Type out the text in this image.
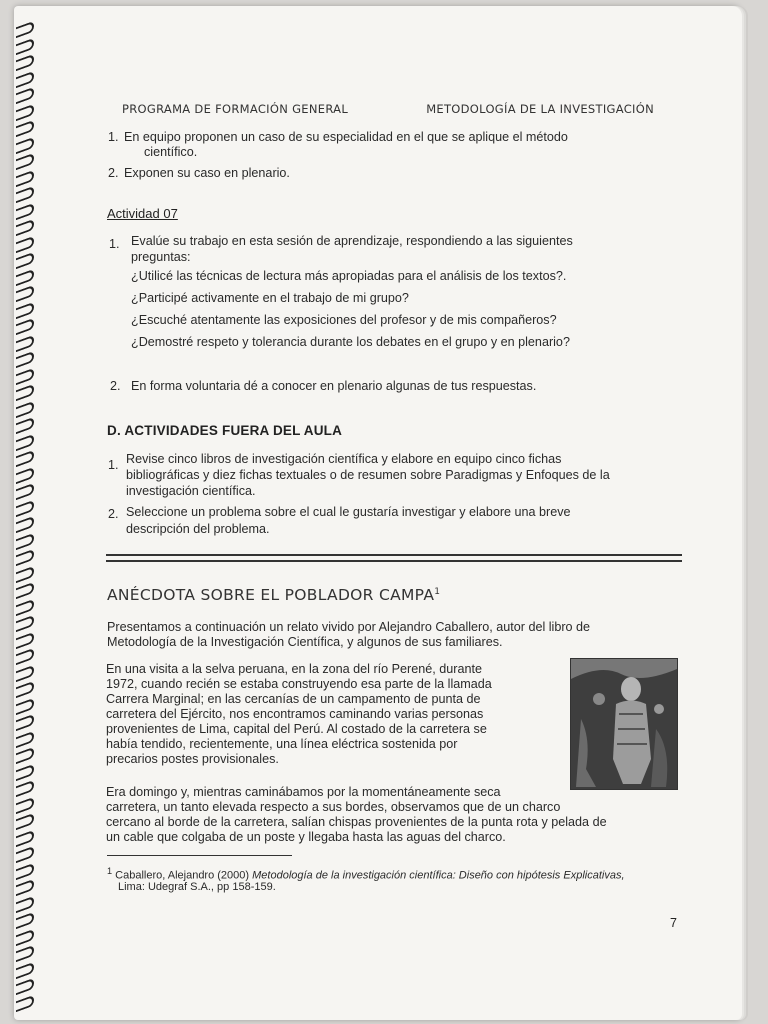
PROGRAMA DE FORMACIÓN GENERAL	METODOLOGÍA DE LA INVESTIGACIÓN
1. En equipo proponen un caso de su especialidad en el que se aplique el método
científico.
2. Exponen su caso en plenario.
Actividad 07
1. Evalúe su trabajo en esta sesión de aprendizaje, respondiendo a las siguientes
preguntas:
¿Utilicé las técnicas de lectura más apropiadas para el análisis de los textos?.
¿Participé activamente en el trabajo de mi grupo?
¿Escuché atentamente las exposiciones del profesor y de mis compañeros?
¿Demostré respeto y tolerancia durante los debates en el grupo y en plenario?
2. En forma voluntaria dé a conocer en plenario algunas de tus respuestas.
D. ACTIVIDADES FUERA DEL AULA
1. Revise cinco libros de investigación científica y elabore en equipo cinco fichas
bibliográficas y diez fichas textuales o de resumen sobre Paradigmas y Enfoques de la
investigación científica.
2. Seleccione un problema sobre el cual le gustaría investigar y elabore una breve
descripción del problema.
ANÉCDOTA SOBRE EL POBLADOR CAMPA$^1$
Presentamos a continuación un relato vivido por Alejandro Caballero, autor del libro de
Metodología de la Investigación Científica, y algunos de sus familiares.
En una visita a la selva peruana, en la zona del río Perené, durante
1972, cuando recién se estaba construyendo esa parte de la llamada
Carrera Marginal; en las cercanías de un campamento de punta de
carretera del Ejército, nos encontramos caminando varias personas
provenientes de Lima, capital del Perú. Al costado de la carretera se
había tendido, recientemente, una línea eléctrica sostenida por
precarios postes provisionales.
Era domingo y, mientras caminábamos por la momentáneamente seca
carretera, un tanto elevada respecto a sus bordes, observamos que de un charco
cercano al borde de la carretera, salían chispas provenientes de la punta rota y pelada de
un cable que colgaba de un poste y llegaba hasta las aguas del charco.
$^1$ Caballero, Alejandro (2000) Metodología de la investigación científica: Diseño con hipótesis Explicativas,
Lima: Udegraf S.A., pp 158-159.
7
